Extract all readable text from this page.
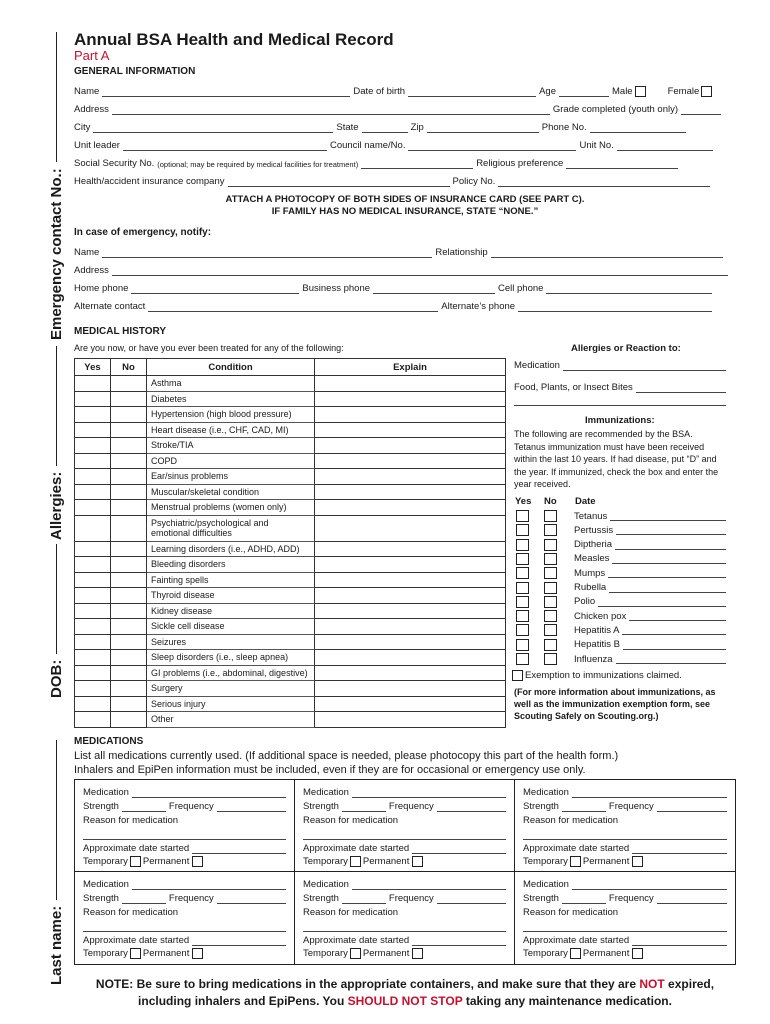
Emergency contact No.:
Allergies:
DOB:
Last name:
Annual BSA Health and Medical Record
Part A
GENERAL INFORMATION
Name	Date of birth	Age	Male	Female
Address	Grade completed (youth only)
City	State	Zip	Phone No.
Unit leader	Council name/No.	Unit No.
Social Security No. (optional; may be required by medical facilities for treatment)	Religious preference
Health/accident insurance company	Policy No.
ATTACH A PHOTOCOPY OF BOTH SIDES OF INSURANCE CARD (SEE PART C).
IF FAMILY HAS NO MEDICAL INSURANCE, STATE “NONE.”
In case of emergency, notify:
Name	Relationship
Address
Home phone	Business phone	Cell phone
Alternate contact	Alternate’s phone
MEDICAL HISTORY
Are you now, or have you ever been treated for any of the following:
Yes	No	Condition	Explain
		Asthma	
		Diabetes	
		Hypertension (high blood pressure)	
		Heart disease (i.e., CHF, CAD, MI)	
		Stroke/TIA	
		COPD	
		Ear/sinus problems	
		Muscular/skeletal condition	
		Menstrual problems (women only)	
		Psychiatric/psychological and emotional difficulties	
		Learning disorders (i.e., ADHD, ADD)	
		Bleeding disorders	
		Fainting spells	
		Thyroid disease	
		Kidney disease	
		Sickle cell disease	
		Seizures	
		Sleep disorders (i.e., sleep apnea)	
		GI problems (i.e., abdominal, digestive)	
		Surgery	
		Serious injury	
		Other	
Allergies or Reaction to:
Medication
Food, Plants, or Insect Bites
Immunizations:
The following are recommended by the BSA. Tetanus immunization must have been received within the last 10 years. If had disease, put “D” and the year. If immunized, check the box and enter the year received.
Yes No Date
Tetanus
Pertussis
Diptheria
Measles
Mumps
Rubella
Polio
Chicken pox
Hepatitis A
Hepatitis B
Influenza
Exemption to immunizations claimed.
(For more information about immunizations, as well as the immunization exemption form, see Scouting Safely on Scouting.org.)
MEDICATIONS
List all medications currently used. (If additional space is needed, please photocopy this part of the health form.)
Inhalers and EpiPen information must be included, even if they are for occasional or emergency use only.
Medication
Strength	Frequency
Reason for medication
Approximate date started
Temporary Permanent
Medication
Strength	Frequency
Reason for medication
Approximate date started
Temporary Permanent
Medication
Strength	Frequency
Reason for medication
Approximate date started
Temporary Permanent
Medication
Strength	Frequency
Reason for medication
Approximate date started
Temporary Permanent
Medication
Strength	Frequency
Reason for medication
Approximate date started
Temporary Permanent
Medication
Strength	Frequency
Reason for medication
Approximate date started
Temporary Permanent
NOTE: Be sure to bring medications in the appropriate containers, and make sure that they are NOT expired,
including inhalers and EpiPens. You SHOULD NOT STOP taking any maintenance medication.
